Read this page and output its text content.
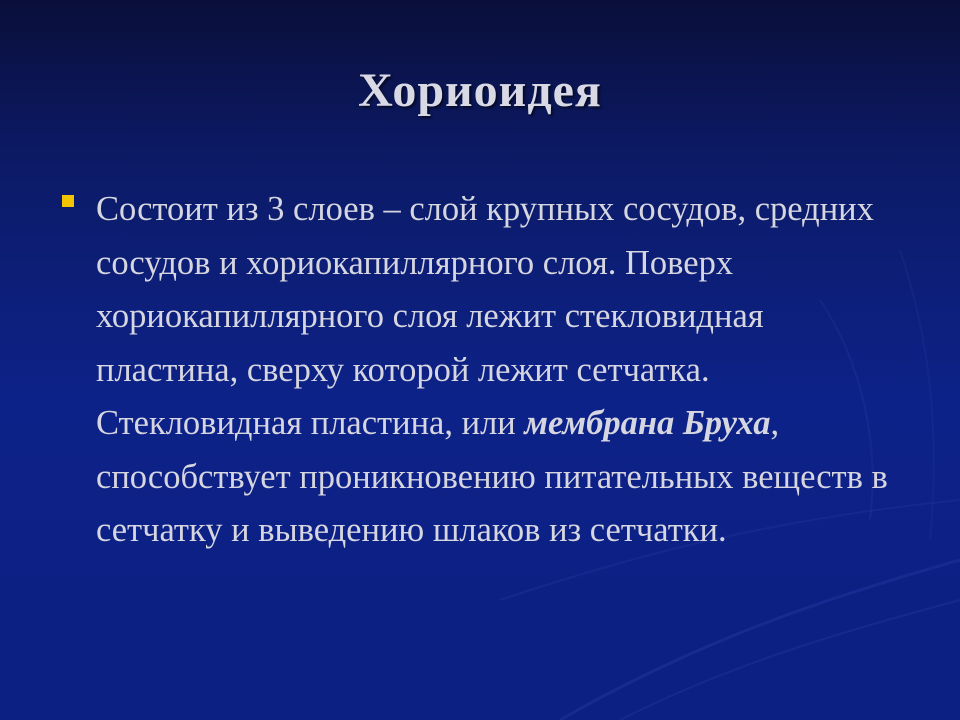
Хориоидея
Состоит из 3 слоев – слой крупных сосудов, средних сосудов и хориокапиллярного слоя. Поверх хориокапиллярного слоя лежит стекловидная пластина, сверху которой лежит сетчатка. Стекловидная пластина, или мембрана Бруха, способствует проникновению питательных веществ в сетчатку и выведению шлаков из сетчатки.
